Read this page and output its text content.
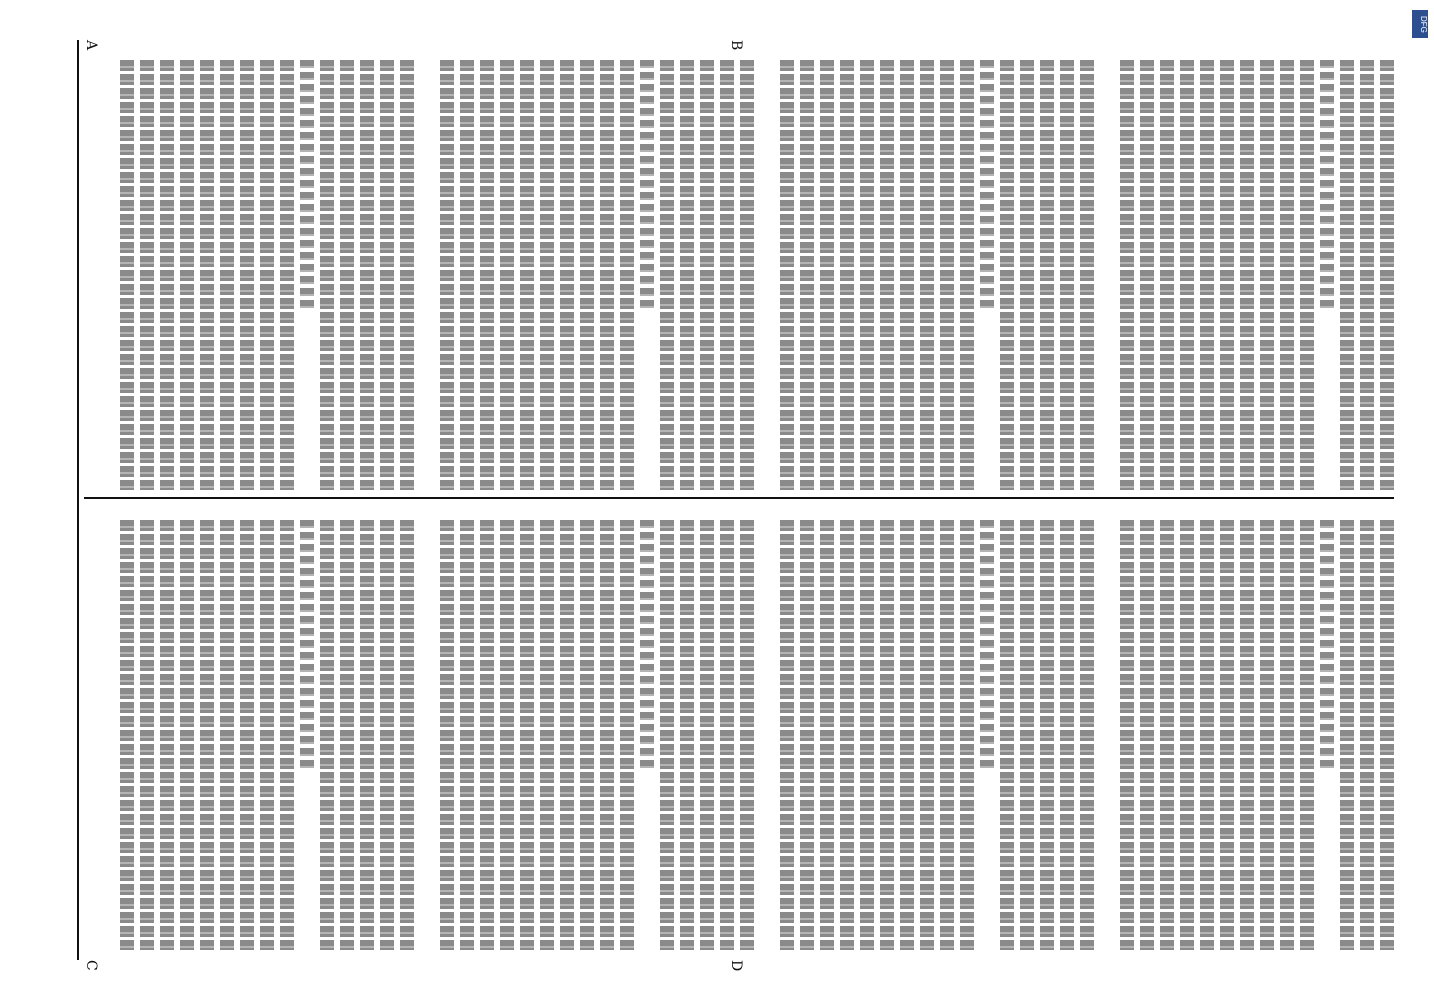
A	B
C	D
DFG
